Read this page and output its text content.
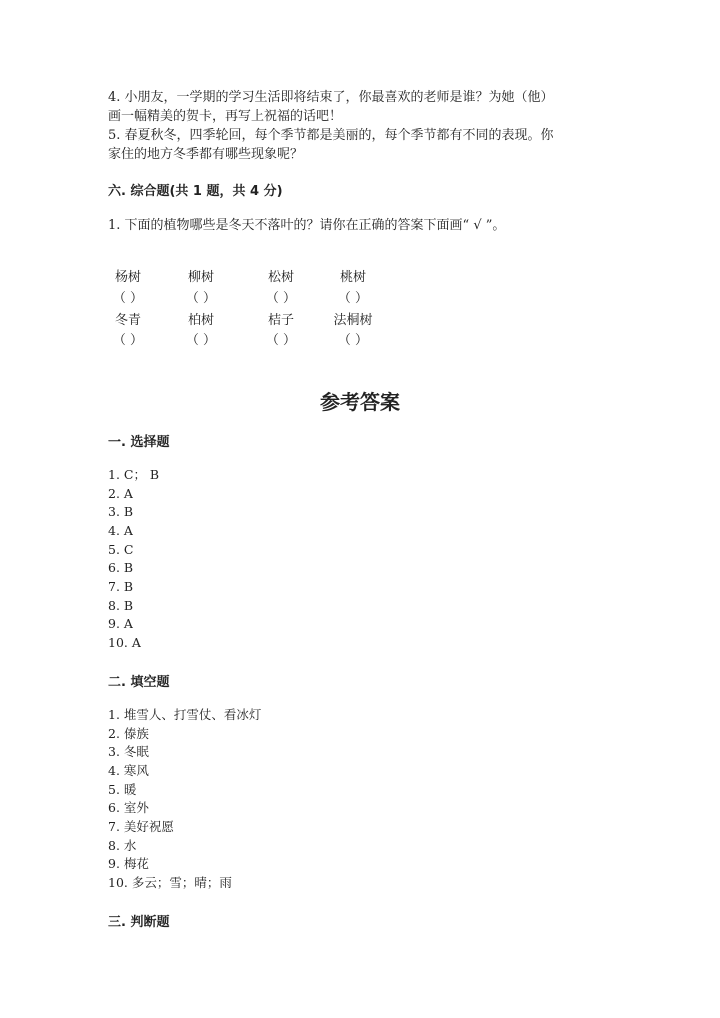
4. 小朋友，一学期的学习生活即将结束了，你最喜欢的老师是谁？为她（他）
画一幅精美的贺卡，再写上祝福的话吧！
5. 春夏秋冬，四季轮回，每个季节都是美丽的，每个季节都有不同的表现。你
家住的地方冬季都有哪些现象呢？
六. 综合题(共 1 题，共 4 分)
1. 下面的植物哪些是冬天不落叶的？请你在正确的答案下面画“ √ ”。
杨树	柳树	松树	桃树
（ ）	（ ）	（ ）	（ ）
冬青	柏树	桔子	法桐树
（ ）	（ ）	（ ）	（ ）
参考答案
一. 选择题
1. C； B
2. A
3. B
4. A
5. C
6. B
7. B
8. B
9. A
10. A
二. 填空题
1. 堆雪人、打雪仗、看冰灯
2. 傣族
3. 冬眠
4. 寒风
5. 暖
6. 室外
7. 美好祝愿
8. 水
9. 梅花
10. 多云；雪；晴；雨
三. 判断题
